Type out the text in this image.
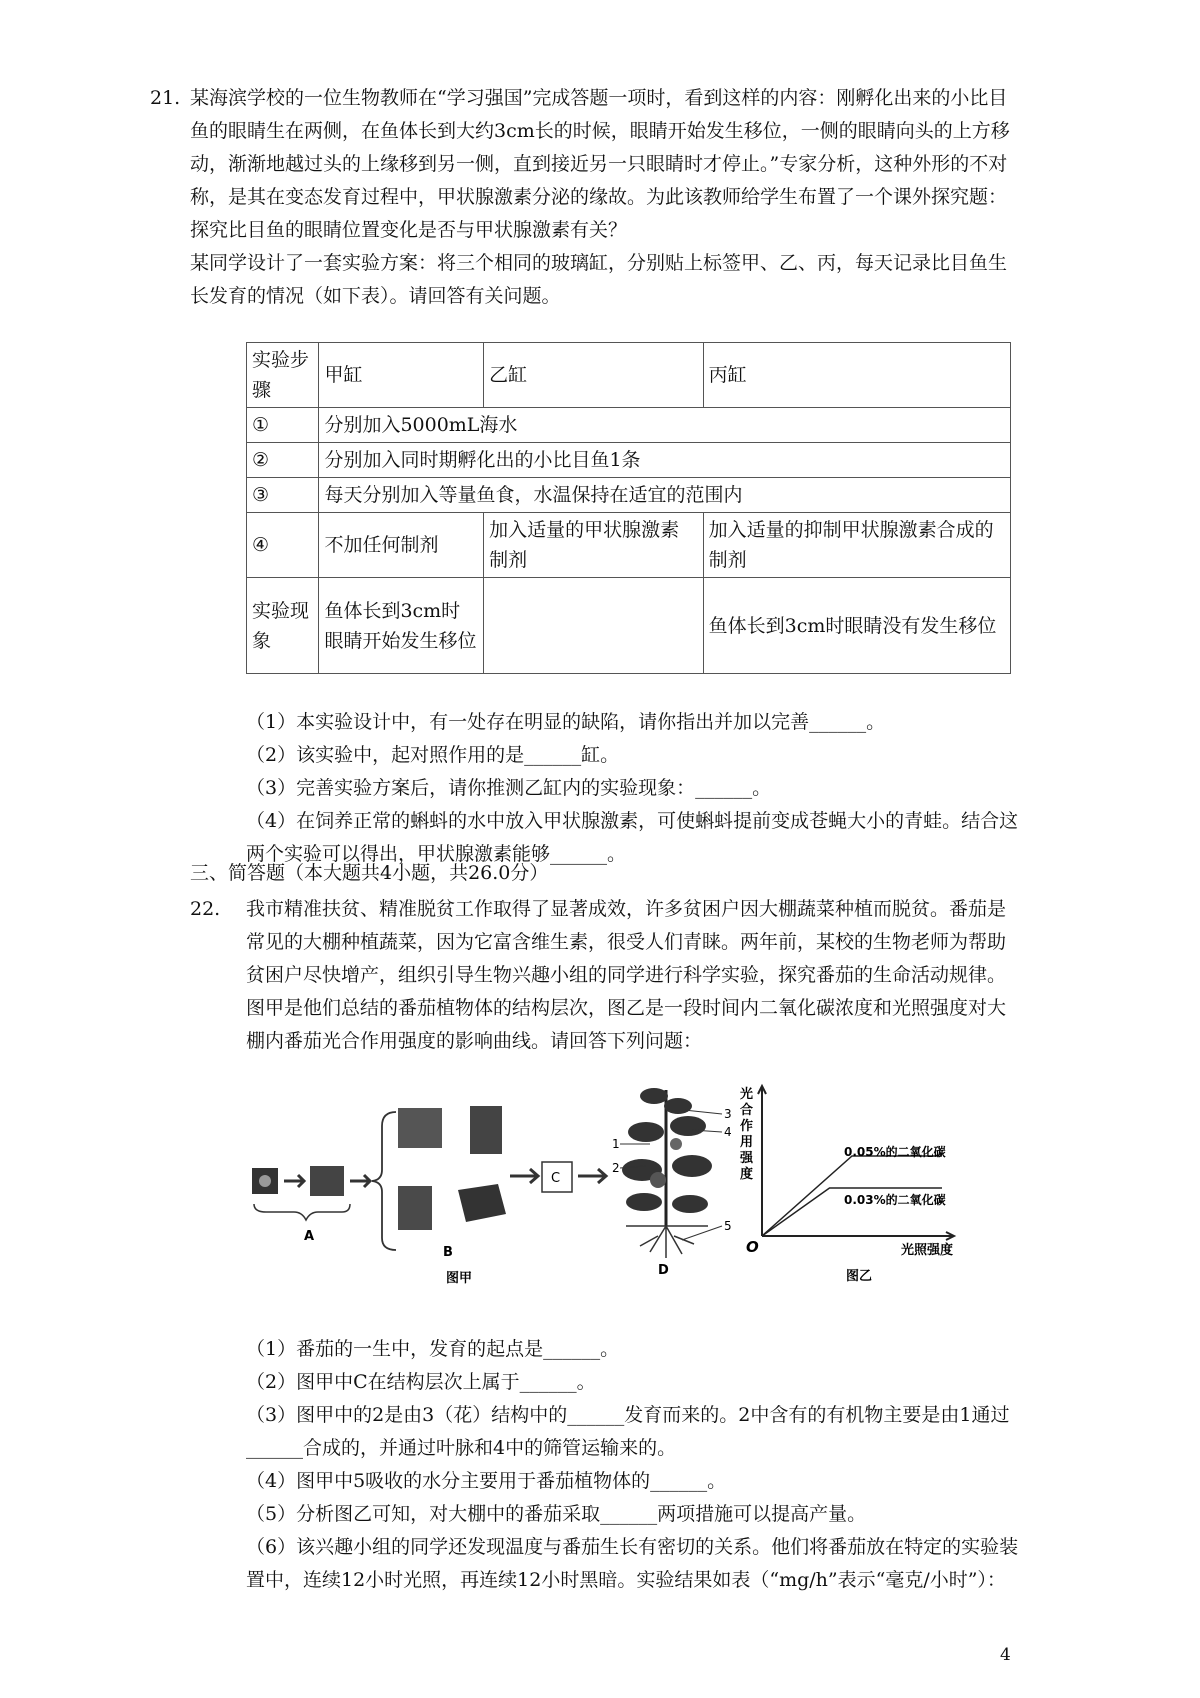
21. 某海滨学校的一位生物教师在“学习强国”完成答题一项时，看到这样的内容：刚孵化出来的小比目鱼的眼睛生在两侧，在鱼体长到大约3cm长的时候，眼睛开始发生移位，一侧的眼睛向头的上方移动，渐渐地越过头的上缘移到另一侧，直到接近另一只眼睛时才停止。”专家分析，这种外形的不对称，是其在变态发育过程中，甲状腺激素分泌的缘故。为此该教师给学生布置了一个课外探究题：探究比目鱼的眼睛位置变化是否与甲状腺激素有关？
某同学设计了一套实验方案：将三个相同的玻璃缸，分别贴上标签甲、乙、丙，每天记录比目鱼生长发育的情况（如下表）。请回答有关问题。
实验步骤	甲缸	乙缸	丙缸
①	分别加入5000mL海水		
②	分别加入同时期孵化出的小比目鱼1条		
③	每天分别加入等量鱼食，水温保持在适宜的范围内		
④	不加任何制剂	加入适量的甲状腺激素制剂	加入适量的抑制甲状腺激素合成的制剂
实验现象	鱼体长到3cm时眼睛开始发生移位		鱼体长到3cm时眼睛没有发生移位

（1）本实验设计中，有一处存在明显的缺陷，请你指出并加以完善______。

（2）该实验中，起对照作用的是______缸。

（3）完善实验方案后，请你推测乙缸内的实验现象：______。

（4）在饲养正常的蝌蚪的水中放入甲状腺激素，可使蝌蚪提前变成苍蝇大小的青蛙。结合这两个实验可以得出，甲状腺激素能够______。

三、简答题（本大题共4小题，共26.0分）
22. 我市精准扶贫、精准脱贫工作取得了显著成效，许多贫困户因大棚蔬菜种植而脱贫。番茄是常见的大棚种植蔬菜，因为它富含维生素，很受人们青睐。两年前，某校的生物老师为帮助贫困户尽快增产，组织引导生物兴趣小组的同学进行科学实验，探究番茄的生命活动规律。图甲是他们总结的番茄植物体的结构层次，图乙是一段时间内二氧化碳浓度和光照强度对大棚内番茄光合作用强度的影响曲线。请回答下列问题：
A
B
C
1
2
3
4
5
D
图甲
O	光照强度
光
合
作
用
强
度
0.05%的二氧化碳
0.03%的二氧化碳
图乙

（1）番茄的一生中，发育的起点是______。

（2）图甲中C在结构层次上属于______。

（3）图甲中的2是由3（花）结构中的______发育而来的。2中含有的有机物主要是由1通过______合成的，并通过叶脉和4中的筛管运输来的。

（4）图甲中5吸收的水分主要用于番茄植物体的______。

（5）分析图乙可知，对大棚中的番茄采取______两项措施可以提高产量。

（6）该兴趣小组的同学还发现温度与番茄生长有密切的关系。他们将番茄放在特定的实验装置中，连续12小时光照，再连续12小时黑暗。实验结果如表（“mg/h”表示“毫克/小时”）：

4
